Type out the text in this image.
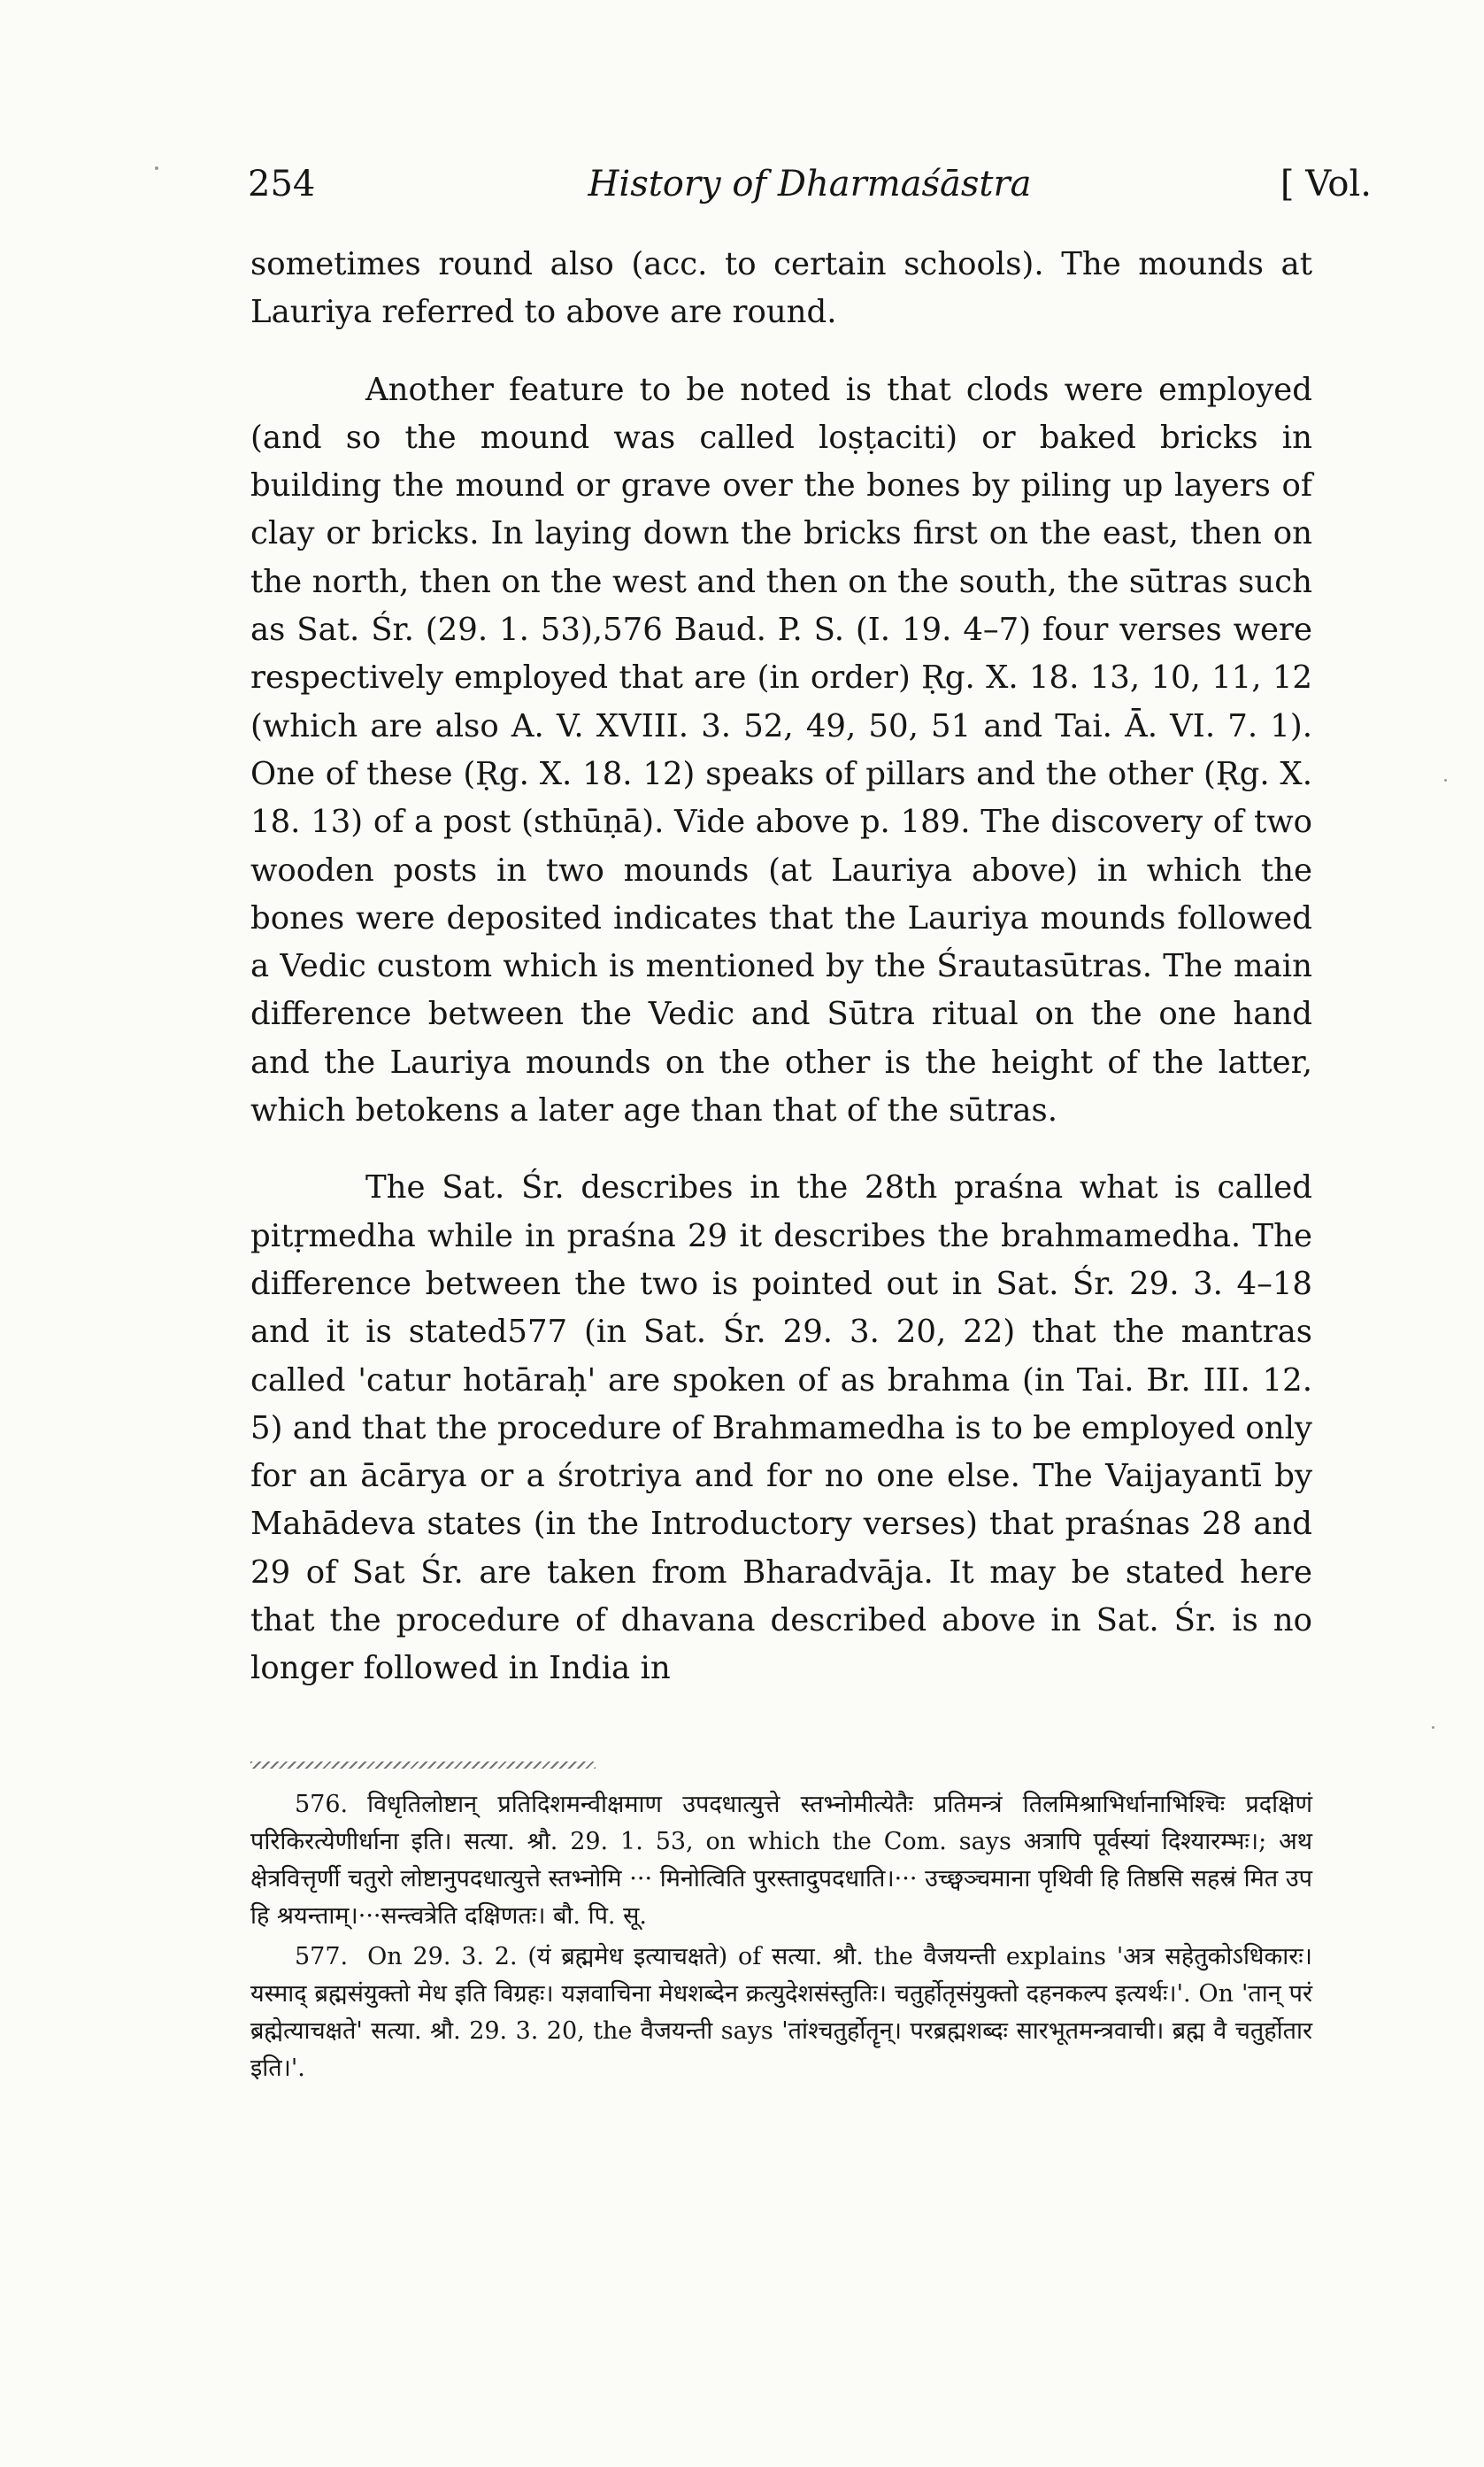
254	History of Dharmaśāstra	[ Vol.

sometimes round also (acc. to certain schools). The mounds at Lauriya referred to above are round.

Another feature to be noted is that clods were employed (and so the mound was called loṣṭaciti) or baked bricks in building the mound or grave over the bones by piling up layers of clay or bricks. In laying down the bricks first on the east, then on the north, then on the west and then on the south, the sūtras such as Sat. Śr. (29. 1. 53),576 Baud. P. S. (I. 19. 4–7) four verses were respectively employed that are (in order) Ṛg. X. 18. 13, 10, 11, 12 (which are also A. V. XVIII. 3. 52, 49, 50, 51 and Tai. Ā. VI. 7. 1). One of these (Ṛg. X. 18. 12) speaks of pillars and the other (Ṛg. X. 18. 13) of a post (sthūṇā). Vide above p. 189. The discovery of two wooden posts in two mounds (at Lauriya above) in which the bones were deposited indicates that the Lauriya mounds followed a Vedic custom which is mentioned by the Śrautasūtras. The main difference between the Vedic and Sūtra ritual on the one hand and the Lauriya mounds on the other is the height of the latter, which betokens a later age than that of the sūtras.

The Sat. Śr. describes in the 28th praśna what is called pitṛmedha while in praśna 29 it describes the brahmamedha. The difference between the two is pointed out in Sat. Śr. 29. 3. 4–18 and it is stated577 (in Sat. Śr. 29. 3. 20, 22) that the mantras called 'catur hotāraḥ' are spoken of as brahma (in Tai. Br. III. 12. 5) and that the procedure of Brahmamedha is to be employed only for an ācārya or a śrotriya and for no one else. The Vaijayantī by Mahādeva states (in the Introductory verses) that praśnas 28 and 29 of Sat Śr. are taken from Bharadvāja. It may be stated here that the procedure of dhavana described above in Sat. Śr. is no longer followed in India in

576. विधृतिलोष्टान् प्रतिदिशमन्वीक्षमाण उपदधात्युत्ते स्तभ्नोमीत्येतैः प्रतिमन्त्रं तिलमिश्राभिर्धानाभिश्चिः प्रदक्षिणं परिकिरत्येणीर्धाना इति। सत्या. श्रौ. 29. 1. 53, on which the Com. says अत्रापि पूर्वस्यां दिश्यारम्भः।; अथ क्षेत्रवित्तृर्णी चतुरो लोष्टानुपदधात्युत्ते स्तभ्नोमि ··· मिनोत्विति पुरस्तादुपदधाति।··· उच्छ्वञ्चमाना पृथिवी हि तिष्ठसि सहस्रं मित उप हि श्रयन्ताम्।···सन्त्वत्रेति दक्षिणतः। बौ. पि. सू.

577. On 29. 3. 2. (यं ब्रह्ममेध इत्याचक्षते) of सत्या. श्रौ. the वैजयन्ती explains 'अत्र सहेतुकोऽधिकारः। यस्माद् ब्रह्मसंयुक्तो मेध इति विग्रहः। यज्ञवाचिना मेधशब्देन क्रत्युदेशसंस्तुतिः। चतुर्होतृसंयुक्तो दहनकल्प इत्यर्थः।'. On 'तान् परं ब्रह्मेत्याचक्षते' सत्या. श्रौ. 29. 3. 20, the वैजयन्ती says 'तांश्चतुर्होतॄन्। परब्रह्मशब्दः सारभूतमन्त्रवाची। ब्रह्म वै चतुर्होतार इति।'.
